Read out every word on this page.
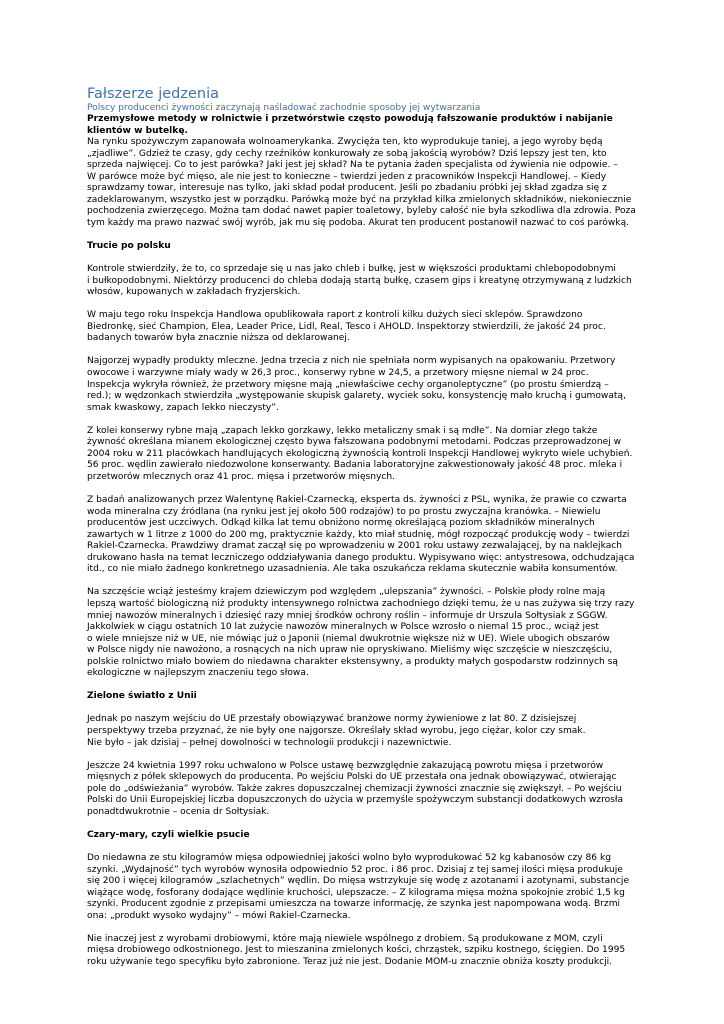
Fałszerze jedzenia
Polscy producenci żywności zaczynają naśladować zachodnie sposoby jej wytwarzania

Przemysłowe metody w rolnictwie i przetwórstwie często powodują fałszowanie produktów i nabijanie
klientów w butelkę.

Na rynku spożywczym zapanowała wolnoamerykanka. Zwycięża ten, kto wyprodukuje taniej, a jego wyroby będą
„zjadliwe”. Gdzież te czasy, gdy cechy rzeźników konkurowały ze sobą jakością wyrobów? Dziś lepszy jest ten, kto
sprzeda najwięcej. Co to jest parówka? Jaki jest jej skład? Na te pytania żaden specjalista od żywienia nie odpowie. –
W parówce może być mięso, ale nie jest to konieczne – twierdzi jeden z pracowników Inspekcji Handlowej. – Kiedy
sprawdzamy towar, interesuje nas tylko, jaki skład podał producent. Jeśli po zbadaniu próbki jej skład zgadza się z
zadeklarowanym, wszystko jest w porządku. Parówką może być na przykład kilka zmielonych składników, niekonieczniе
pochodzenia zwierzęcego. Można tam dodać nawet papier toaletowy, byleby całość nie była szkodliwa dla zdrowia. Poza
tym każdy ma prawo nazwać swój wyrób, jak mu się podoba. Akurat ten producent postanowił nazwać to coś parówką.

Trucie po polsku

Kontrole stwierdziły, że to, co sprzedaje się u nas jako chleb i bułkę, jest w większości produktami chlebopodobnymi
i bułkopodobnymi. Niektórzy producenci do chleba dodają startą bułkę, czasem gips i kreatynę otrzymywaną z ludzkich
włosów, kupowanych w zakładach fryzjerskich.

W maju tego roku Inspekcja Handlowa opublikowała raport z kontroli kilku dużych sieci sklepów. Sprawdzono
Biedronkę, sieć Champion, Elea, Leader Price, Lidl, Real, Tesco i AHOLD. Inspektorzy stwierdzili, że jakość 24 proc.
badanych towarów była znacznie niższa od deklarowanej.

Najgorzej wypadły produkty mleczne. Jedna trzecia z nich nie spełniała norm wypisanych na opakowaniu. Przetwory
owocowe i warzywne miały wady w 26,3 proc., konserwy rybne w 24,5, a przetwory mięsne niemal w 24 proc.
Inspekcja wykryła również, że przetwory mięsne mają „niewłaściwe cechy organoleptyczne” (po prostu śmierdzą –
red.); w wędzonkach stwierdziła „występowanie skupisk galarety, wyciek soku, konsystencję mało kruchą i gumowatą,
smak kwaskowy, zapach lekko nieczysty”.

Z kolei konserwy rybne mają „zapach lekko gorzkawy, lekko metaliczny smak i są mdłe”. Na domiar złego także
żywność określana mianem ekologicznej często bywa fałszowana podobnymi metodami. Podczas przeprowadzonej w
2004 roku w 211 placówkach handlujących ekologiczną żywnością kontroli Inspekcji Handlowej wykryto wiele uchybień.
56 proc. wędlin zawierało niedozwolone konserwanty. Badania laboratoryjne zakwestionowały jakość 48 proc. mleka i
przetworów mlecznych oraz 41 proc. mięsa i przetworów mięsnych.

Z badań analizowanych przez Walentynę Rakiel-Czarnecką, eksperta ds. żywności z PSL, wynika, że prawie co czwarta
woda mineralna czy źródlana (na rynku jest jej około 500 rodzajów) to po prostu zwyczajna kranówka. – Niewielu
producentów jest uczciwych. Odkąd kilka lat temu obniżono normę określającą poziom składników mineralnych
zawartych w 1 litrze z 1000 do 200 mg, praktycznie każdy, kto miał studnię, mógł rozpocząć produkcję wody – twierdzi
Rakiel-Czarnecka. Prawdziwy dramat zaczął się po wprowadzeniu w 2001 roku ustawy zezwalającej, by na naklejkach
drukowano hasła na temat leczniczego oddziaływania danego produktu. Wypisywano więc: antystresowa, odchudzająca
itd., co nie miało żadnego konkretnego uzasadnienia. Ale taka oszukańcza reklama skutecznie wabiła konsumentów.

Na szczęście wciąż jesteśmy krajem dziewiczym pod względem „ulepszania” żywności. – Polskie płody rolne mają
lepszą wartość biologiczną niż produkty intensywnego rolnictwa zachodniego dzięki temu, że u nas zużywa się trzy razy
mniej nawozów mineralnych i dziesięć razy mniej środków ochrony roślin – informuje dr Urszula Sołtysiak z SGGW.
Jakkolwiek w ciągu ostatnich 10 lat zużycie nawozów mineralnych w Polsce wzrosło o niemal 15 proc., wciąż jest
o wiele mniejsze niż w UE, nie mówiąc już o Japonii (niemal dwukrotnie większe niż w UE). Wiele ubogich obszarów
w Polsce nigdy nie nawożono, a rosnących na nich upraw nie opryskiwano. Mieliśmy więc szczęście w nieszczęściu,
polskie rolnictwo miało bowiem do niedawna charakter ekstensywny, a produkty małych gospodarstw rodzinnych są
ekologiczne w najlepszym znaczeniu tego słowa.

Zielone światło z Unii

Jednak po naszym wejściu do UE przestały obowiązywać branżowe normy żywieniowe z lat 80. Z dzisiejszej
perspektywy trzeba przyznać, że nie były one najgorsze. Określały skład wyrobu, jego ciężar, kolor czy smak.
Nie było – jak dzisiaj – pełnej dowolności w technologii produkcji i nazewnictwie.

Jeszcze 24 kwietnia 1997 roku uchwalono w Polsce ustawę bezwzględnie zakazującą powrotu mięsa i przetworów
mięsnych z półek sklepowych do producenta. Po wejściu Polski do UE przestała ona jednak obowiązywać, otwierając
pole do „odświeżania” wyrobów. Także zakres dopuszczalnej chemizacji żywności znacznie się zwiększył. – Po wejściu
Polski do Unii Europejskiej liczba dopuszczonych do użycia w przemyśle spożywczym substancji dodatkowych wzrosła
ponadtdwukrotnie – ocenia dr Sołtysiak.

Czary-mary, czyli wielkie psucie

Do niedawna ze stu kilogramów mięsa odpowiedniej jakości wolno było wyprodukować 52 kg kabanosów czy 86 kg
szynki. „Wydajność” tych wyrobów wynosiła odpowiednio 52 proc. i 86 proc. Dzisiaj z tej samej ilości mięsa produkuje
się 200 i więcej kilogramów „szlachetnych” wędlin. Do mięsa wstrzykuje się wodę z azotanami i azotynami, substancje
wiążące wodę, fosforany dodające wędlinie kruchości, ulepszacze. – Z kilograma mięsa można spokojnie zrobić 1,5 kg
szynki. Producent zgodnie z przepisami umieszcza na towarze informację, że szynka jest napompowana wodą. Brzmi
ona: „produkt wysoko wydajny” – mówi Rakiel-Czarnecka.

Nie inaczej jest z wyrobami drobiowymi, które mają niewiele wspólnego z drobiem. Są produkowane z MOM, czyli
mięsa drobiowego odkostnionego. Jest to mieszanina zmielonych kości, chrząstek, szpiku kostnego, ścięgien. Do 1995
roku używanie tego specyfiku było zabronione. Teraz już nie jest. Dodanie MOM-u znacznie obniża koszty produkcji.
